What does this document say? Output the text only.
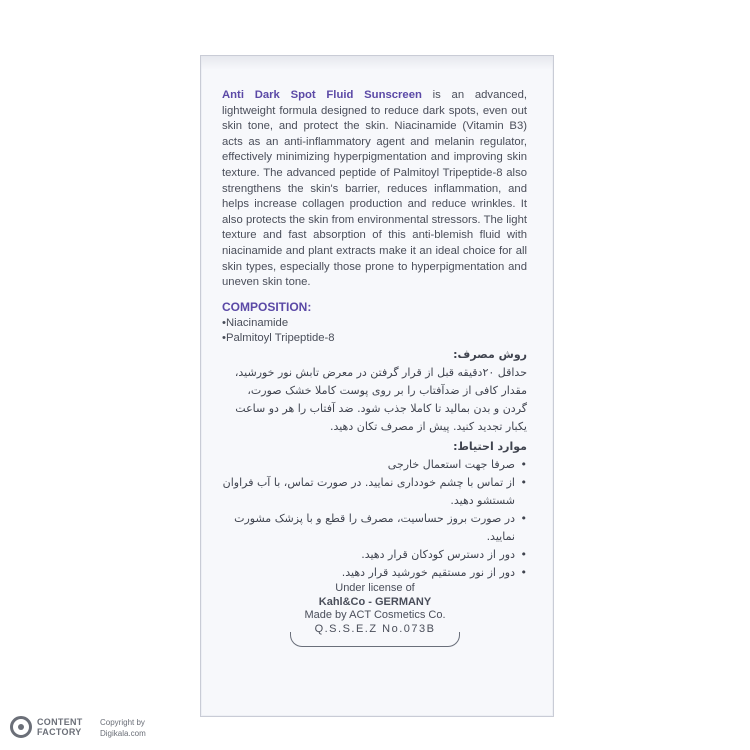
Anti Dark Spot Fluid Sunscreen is an advanced, lightweight formula designed to reduce dark spots, even out skin tone, and protect the skin. Niacinamide (Vitamin B3) acts as an anti-inflammatory agent and melanin regulator, effectively minimizing hyperpigmentation and improving skin texture. The advanced peptide of Palmitoyl Tripeptide-8 also strengthens the skin's barrier, reduces inflammation, and helps increase collagen production and reduce wrinkles. It also protects the skin from environmental stressors. The light texture and fast absorption of this anti-blemish fluid with niacinamide and plant extracts make it an ideal choice for all skin types, especially those prone to hyperpigmentation and uneven skin tone.
COMPOSITION:
•Niacinamide
•Palmitoyl Tripeptide-8
روش مصرف:
حداقل ۲۰دقیقه قبل از قرار گرفتن در معرض تابش نور خورشید، مقدار کافی از ضدآفتاب را بر روی پوست کاملا خشک صورت، گردن و بدن بمالید تا کاملا جذب شود. ضد آفتاب را هر دو ساعت یکبار تجدید کنید. پیش از مصرف تکان دهید.
موارد احتیاط:
• صرفا جهت استعمال خارجی
• از تماس با چشم خودداری نمایید. در صورت تماس، با آب فراوان شستشو دهید.
• در صورت بروز حساسیت، مصرف را قطع و با پزشک مشورت نمایید.
• دور از دسترس کودکان قرار دهید.
• دور از نور مستقیم خورشید قرار دهید.
Under license of
Kahl&Co - GERMANY
Made by ACT Cosmetics Co.
Q.S.S.E.Z No.073B
CONTENT
FACTORY
Copyright by
Digikala.com
